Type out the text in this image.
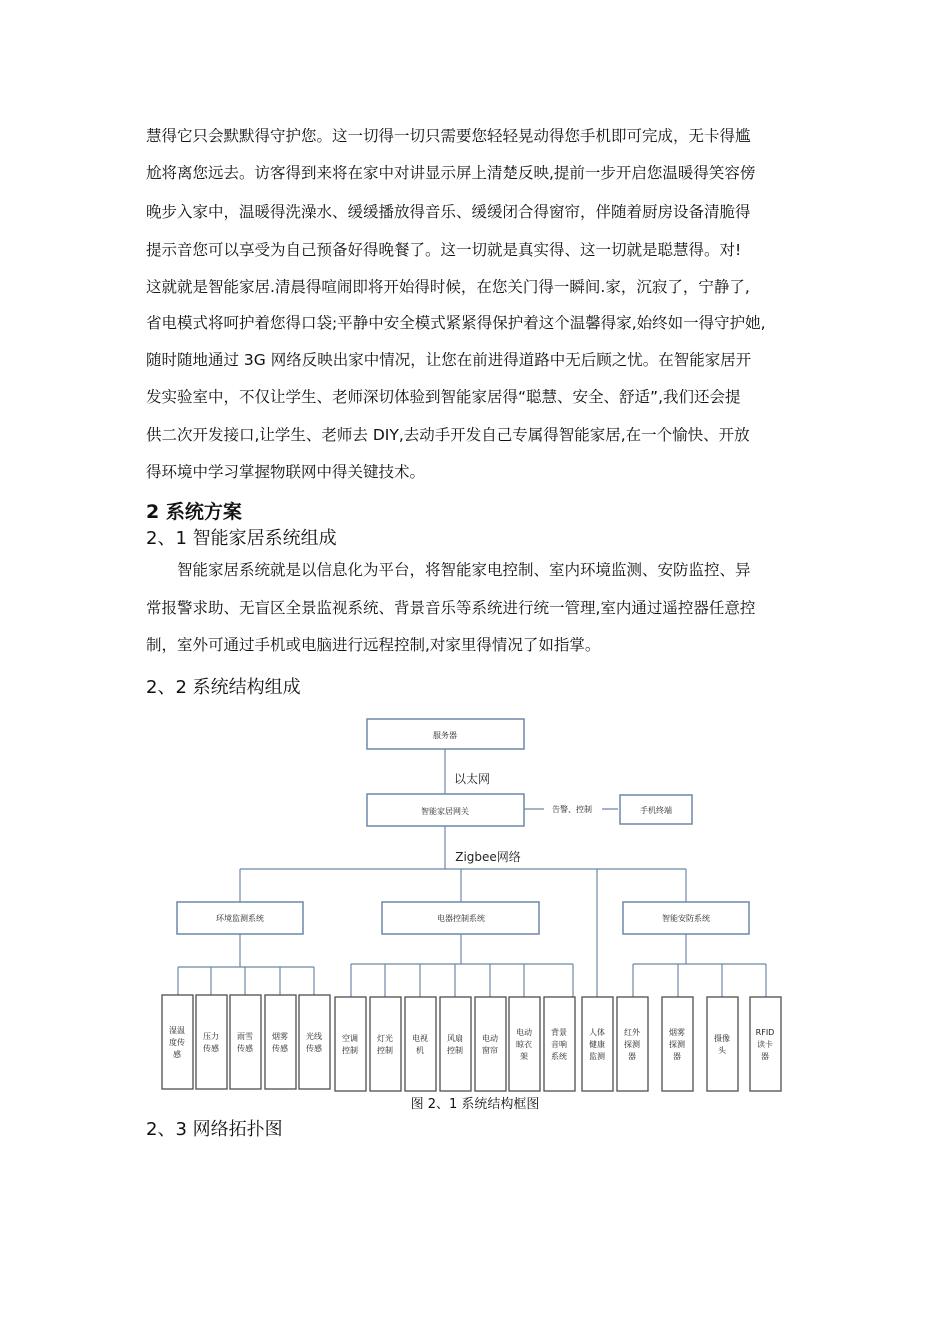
慧得它只会默默得守护您。这一切得一切只需要您轻轻晃动得您手机即可完成，无卡得尴
尬将离您远去。访客得到来将在家中对讲显示屏上清楚反映,提前一步开启您温暖得笑容傍
晚步入家中，温暖得洗澡水、缓缓播放得音乐、缓缓闭合得窗帘，伴随着厨房设备清脆得
提示音您可以享受为自己预备好得晚餐了。这一切就是真实得、这一切就是聪慧得。对!
这就就是智能家居.清晨得喧闹即将开始得时候，在您关门得一瞬间.家，沉寂了，宁静了,
省电模式将呵护着您得口袋;平静中安全模式紧紧得保护着这个温馨得家,始终如一得守护她,
随时随地通过 3G 网络反映出家中情况，让您在前进得道路中无后顾之忧。在智能家居开
发实验室中，不仅让学生、老师深切体验到智能家居得“聪慧、安全、舒适”,我们还会提
供二次开发接口,让学生、老师去 DIY,去动手开发自己专属得智能家居,在一个愉快、开放
得环境中学习掌握物联网中得关键技术。
2 系统方案
2、1 智能家居系统组成
　　智能家居系统就是以信息化为平台，将智能家电控制、室内环境监测、安防监控、异
常报警求助、无盲区全景监视系统、背景音乐等系统进行统一管理,室内通过遥控器任意控
制，室外可通过手机或电脑进行远程控制,对家里得情况了如指掌。
2、2 系统结构组成
服务器
智能家居网关	手机终端
环境监测系统	电器控制系统	智能安防系统
以太网
Zigbee网络
告警、控制
湿温度传感
压力传感
雨雪传感
烟雾传感
光线传感
空调控制
灯光控制
电视机
风扇控制
电动窗帘
电动晾衣架
背景音响系统
人体健康监测
红外探测器
烟雾探测器
摄像头
RFID 读卡器
图 2、1 系统结构框图
2、3 网络拓扑图
